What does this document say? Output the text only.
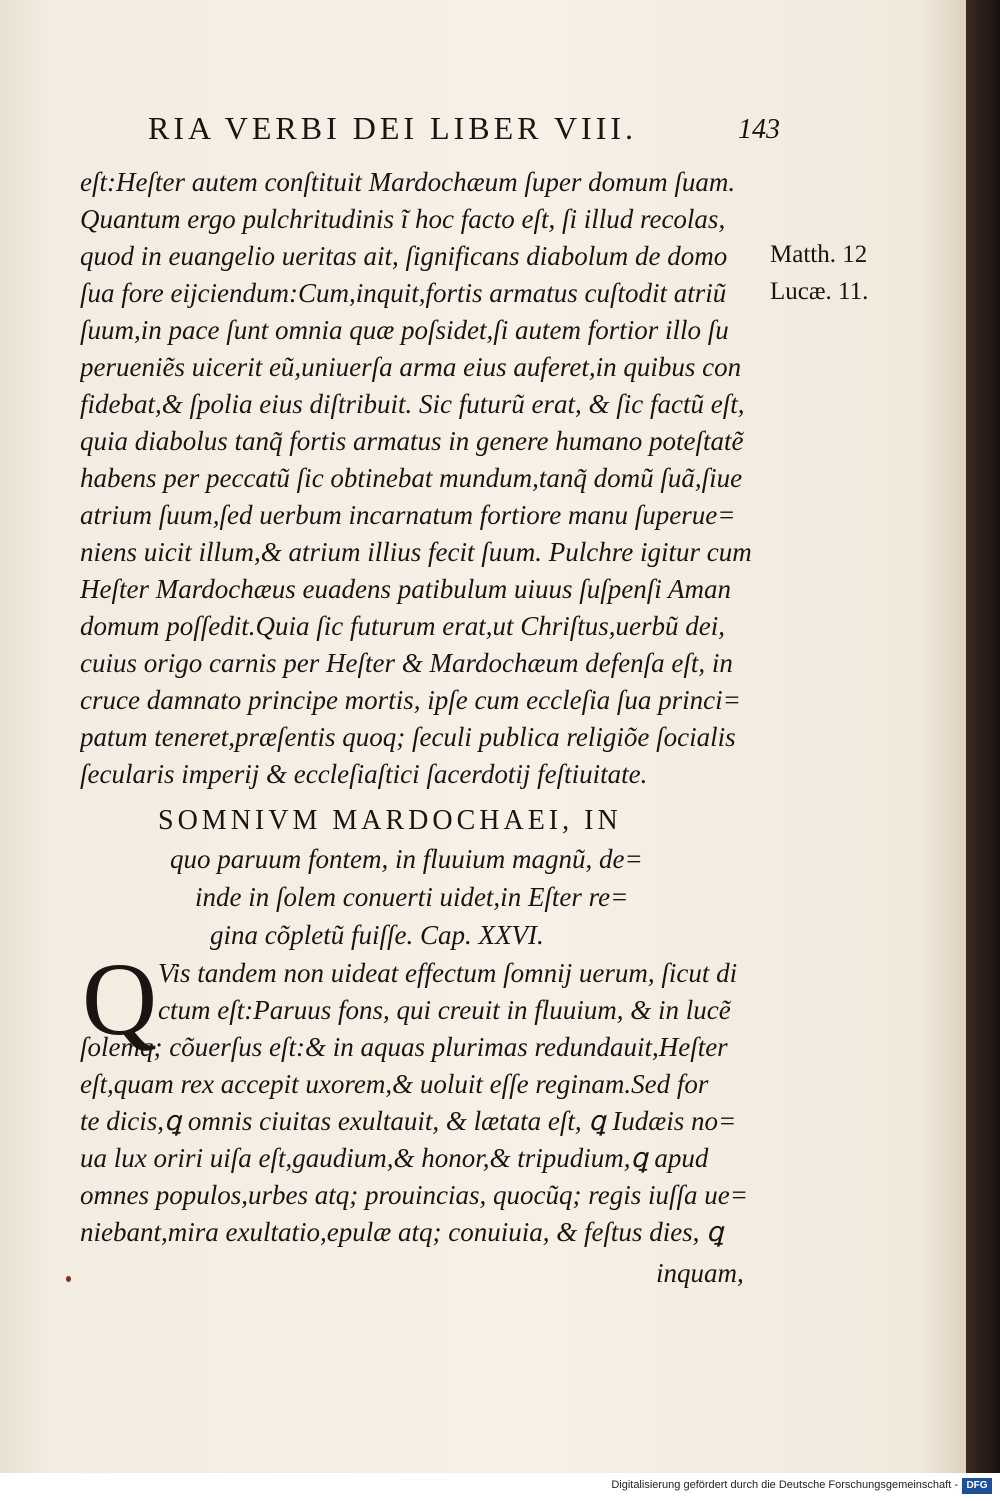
RIA VERBI DEI LIBER VIII.	143
eſt:Heſter autem conſtituit Mardochæum ſuper domum ſuam.
Quantum ergo pulchritudinis ĩ hoc facto eſt, ſi illud recolas,
quod in euangelio ueritas ait, ſignificans diabolum de domo
ſua fore eijciendum:Cum,inquit,fortis armatus cuſtodit atriũ
ſuum,in pace ſunt omnia quæ poſsidet,ſi autem fortior illo ſu
perueniẽs uicerit eũ,uniuerſa arma eius auferet,in quibus con
fidebat,& ſpolia eius diſtribuit. Sic futurũ erat, & ſic factũ eſt,
quia diabolus tanq̃ fortis armatus in genere humano poteſtatẽ
habens per peccatũ ſic obtinebat mundum,tanq̃ domũ ſuã,ſiue
atrium ſuum,ſed uerbum incarnatum fortiore manu ſuperue=
niens uicit illum,& atrium illius fecit ſuum. Pulchre igitur cum
Heſter Mardochæus euadens patibulum uiuus ſuſpenſi Aman
domum poſſedit.Quia ſic futurum erat,ut Chriſtus,uerbũ dei,
cuius origo carnis per Heſter & Mardochæum defenſa eſt, in
cruce damnato principe mortis, ipſe cum eccleſia ſua princi=
patum teneret,præſentis quoq; ſeculi publica religiõe ſocialis
ſecularis imperij & eccleſiaſtici ſacerdotij feſtiuitate.
Matth. 12
Lucæ. 11.
SOMNIVM MARDOCHAEI, IN
quo paruum fontem, in fluuium magnũ, de=
inde in ſolem conuerti uidet,in Eſter re=
gina cõpletũ fuiſſe. Cap. XXVI.
Q Vis tandem non uideat effectum ſomnij uerum, ſicut di
ctum eſt:Paruus fons, qui creuit in fluuium, & in lucẽ
ſolemq; cõuerſus eſt:& in aquas plurimas redundauit,Heſter
eſt,quam rex accepit uxorem,& uoluit eſſe reginam.Sed for
te dicis,ꝗ omnis ciuitas exultauit, & lætata eſt, ꝗ Iudæis no=
ua lux oriri uiſa eſt,gaudium,& honor,& tripudium,ꝗ apud
omnes populos,urbes atq; prouincias, quocũq; regis iuſſa ue=
niebant,mira exultatio,epulæ atq; conuiuia, & feſtus dies, ꝗ
inquam,
Digitalisierung gefördert durch die Deutsche Forschungsgemeinschaft - DFG
